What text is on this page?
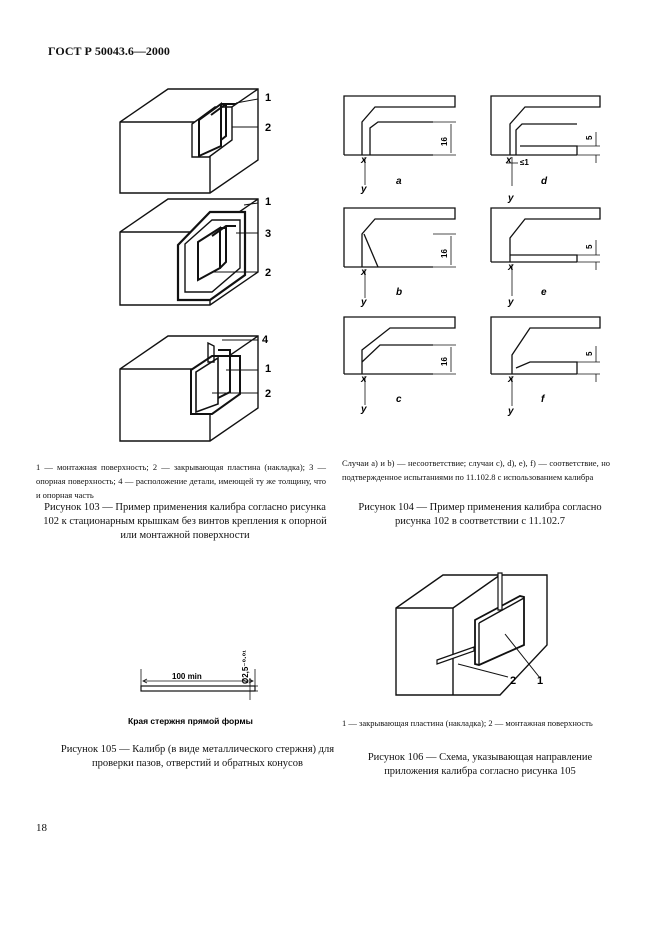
ГОСТ Р 50043.6—2000
1
2
1
3
2
4
1
2
1 — монтажная поверхность; 2 — закрывающая пластина (накладка); 3 — опорная поверхность; 4 — расположение детали, имеющей ту же толщину, что и опорная часть
Рисунок 103 — Пример применения калибра согласно рисунка 102 к стационарным крышкам без винтов крепления к опорной или монтажной поверхности
a
b
c
d
e
f
16
16
16
5
5
5
x
y
x
y
x
y
x
y
≤1
x
y
x
y
Случаи a) и b) — несоответствие; случаи c), d), e), f) — соответствие, но подтвержденное испытаниями по 11.102.8 с использованием калибра
Рисунок 104 — Пример применения калибра согласно рисунка 102 в соответствии с 11.102.7
100 min	Ø2,5⁻⁰·⁰¹
Края стержня прямой формы
Рисунок 105 — Калибр (в виде металлического стержня) для проверки пазов, отверстий и обратных конусов
2 1
1 — закрывающая пластина (накладка); 2 — монтажная поверхность
Рисунок 106 — Схема, указывающая направление приложения калибра согласно рисунка 105
18
